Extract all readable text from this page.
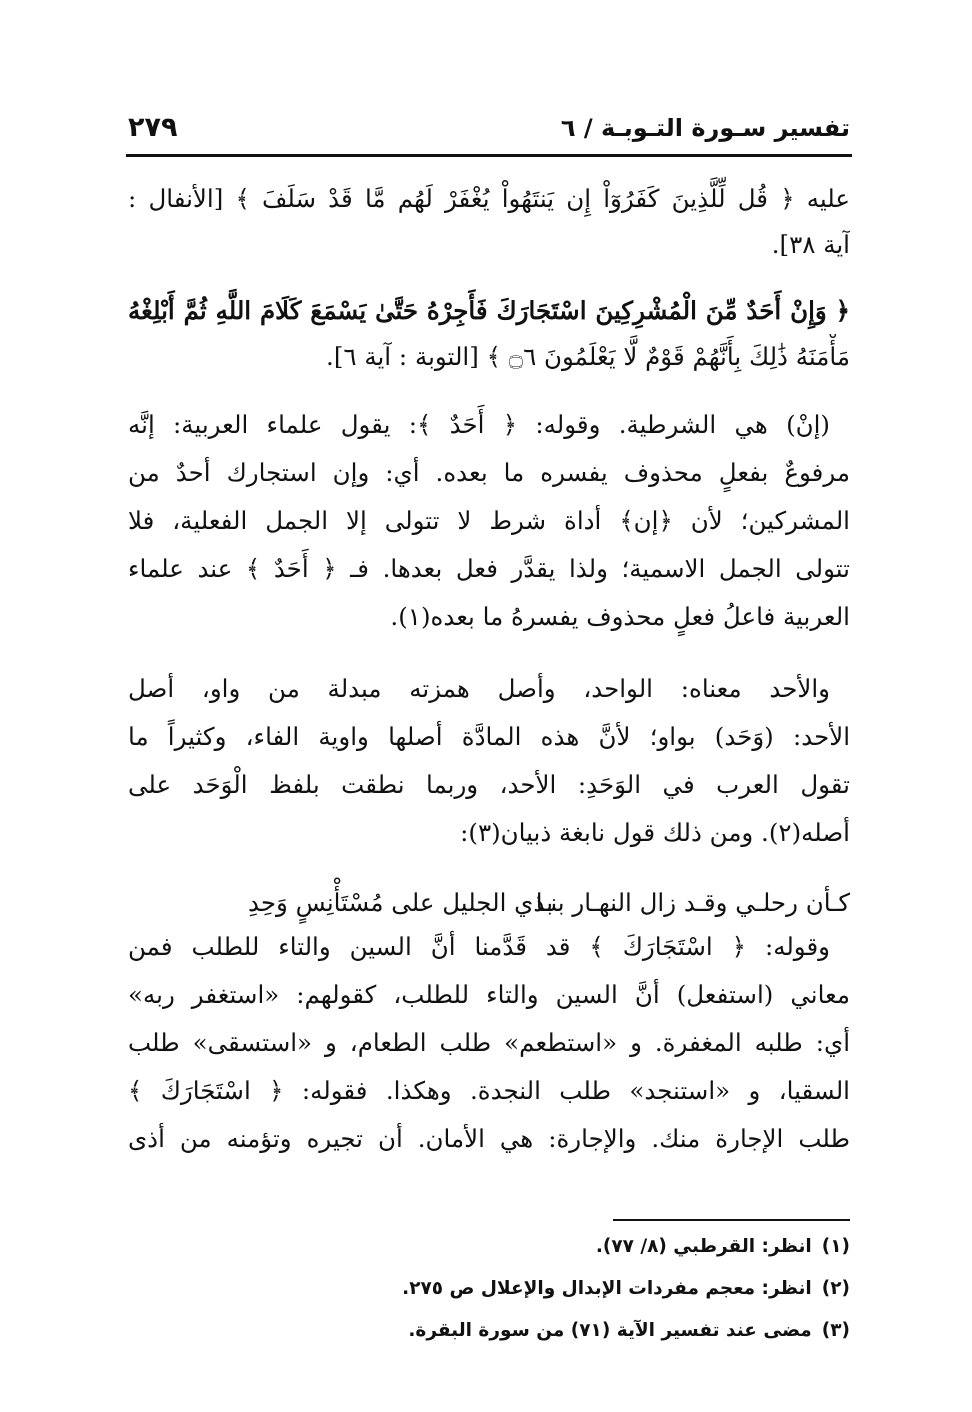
تفسير سـورة التـوبـة / ٦
٢٧٩
عليه ﴿ قُل لِّلَّذِينَ كَفَرُوٓاْ إِن يَنتَهُواْ يُغْفَرْ لَهُم مَّا قَدْ سَلَفَ ﴾ [الأنفال :
آية ٣٨].
﴿ وَإِنْ أَحَدٌ مِّنَ الْمُشْرِكِينَ اسْتَجَارَكَ فَأَجِرْهُ حَتَّىٰ يَسْمَعَ كَلَامَ اللَّهِ ثُمَّ أَبْلِغْهُ
مَأْمَنَهُ ذَٰلِكَ بِأَنَّهُمْ قَوْمٌ لَّا يَعْلَمُونَ ۝٦ ﴾ [التوبة : آية ٦].
(إنْ) هي الشرطية. وقوله: ﴿ أَحَدٌ ﴾: يقول علماء العربية: إنَّه
مرفوعٌ بفعلٍ محذوف يفسره ما بعده. أي: وإن استجارك أحدٌ من
المشركين؛ لأن ﴿إن﴾ أداة شرط لا تتولى إلا الجمل الفعلية، فلا
تتولى الجمل الاسمية؛ ولذا يقدَّر فعل بعدها. فـ ﴿ أَحَدٌ ﴾ عند علماء
العربية فاعلُ فعلٍ محذوف يفسرهُ ما بعده(١).
والأحد معناه: الواحد، وأصل همزته مبدلة من واو، أصل
الأحد: (وَحَد) بواو؛ لأنَّ هذه المادَّة أصلها واوية الفاء، وكثيراً ما
تقول العرب في الوَحَدِ: الأحد، وربما نطقت بلفظ الْوَحَد على
أصله(٢). ومن ذلك قول نابغة ذبيان(٣):
وقوله: ﴿ اسْتَجَارَكَ ﴾ قد قَدَّمنا أنَّ السين والتاء للطلب فمن
معاني (استفعل) أنَّ السين والتاء للطلب، كقولهم: «استغفر ربه»
أي: طلبه المغفرة. و «استطعم» طلب الطعام، و «استسقى» طلب
السقيا، و «استنجد» طلب النجدة. وهكذا. فقوله: ﴿ اسْتَجَارَكَ ﴾
طلب الإجارة منك. والإجارة: هي الأمان. أن تجيره وتؤمنه من أذى
كـأن رحلـي وقـد زال النهـار بنـا
بذي الجليل على مُسْتَأْنِسٍ وَحِدِ
(١)انظر: القرطبي (٨/ ٧٧).
(٢)انظر: معجم مفردات الإبدال والإعلال ص ٢٧٥.
(٣)مضى عند تفسير الآية (٧١) من سورة البقرة.
